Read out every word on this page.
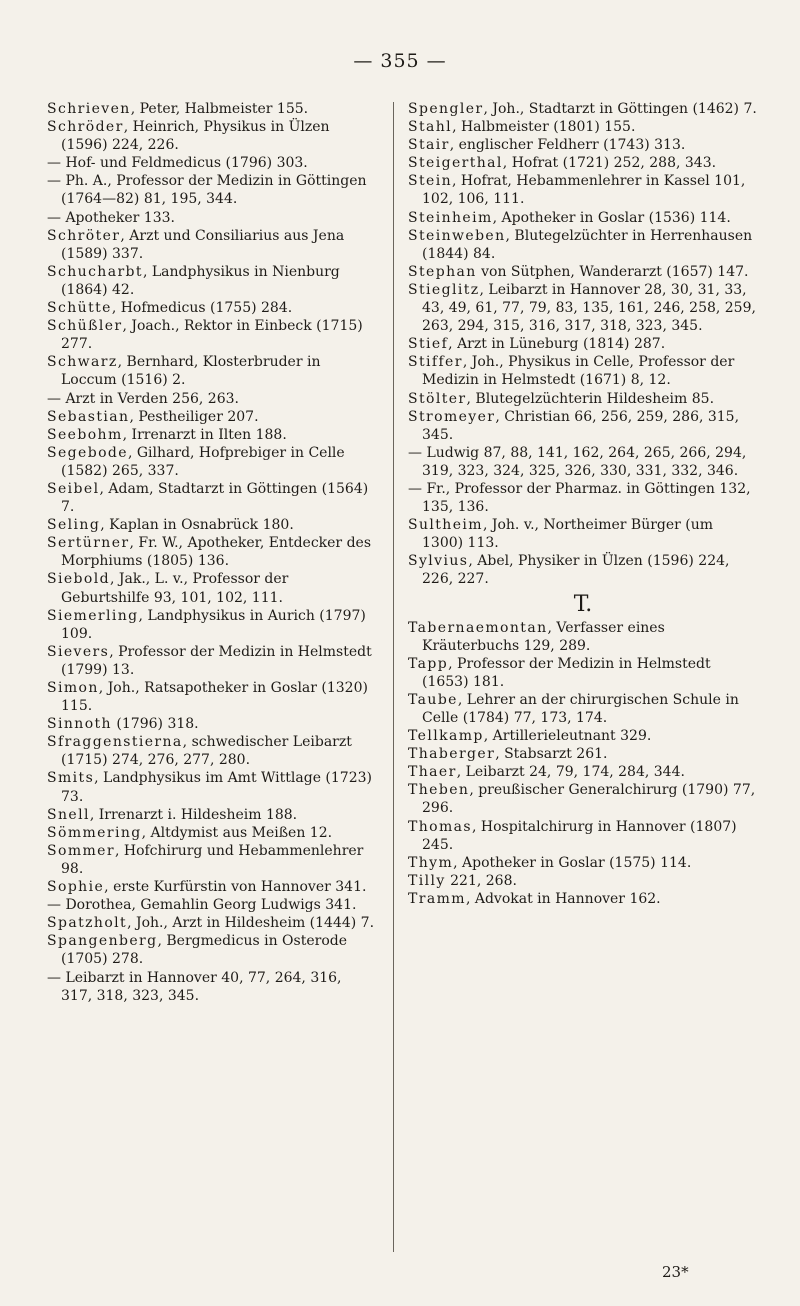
— 355 —

Schrieven, Peter, Halbmeister 155.

Schröder, Heinrich, Physikus in Ülzen (1596) 224, 226.

— Hof- und Feldmedicus (1796) 303.

— Ph. A., Professor der Medizin in Göttingen (1764—82) 81, 195, 344.

— Apotheker 133.

Schröter, Arzt und Consiliarius aus Jena (1589) 337.

Schucharbt, Landphysikus in Nienburg (1864) 42.

Schütte, Hofmedicus (1755) 284.

Schüßler, Joach., Rektor in Einbeck (1715) 277.

Schwarz, Bernhard, Klosterbruder in Loccum (1516) 2.

— Arzt in Verden 256, 263.

Sebastian, Pestheiliger 207.

Seebohm, Irrenarzt in Ilten 188.

Segebode, Gilhard, Hofprebiger in Celle (1582) 265, 337.

Seibel, Adam, Stadtarzt in Göttingen (1564) 7.

Seling, Kaplan in Osnabrück 180.

Sertürner, Fr. W., Apotheker, Entdecker des Morphiums (1805) 136.

Siebold, Jak., L. v., Professor der Geburtshilfe 93, 101, 102, 111.

Siemerling, Landphysikus in Aurich (1797) 109.

Sievers, Professor der Medizin in Helmstedt (1799) 13.

Simon, Joh., Ratsapotheker in Goslar (1320) 115.

Sinnoth (1796) 318.

Sfraggenstierna, schwedischer Leibarzt (1715) 274, 276, 277, 280.

Smits, Landphysikus im Amt Wittlage (1723) 73.

Snell, Irrenarzt i. Hildesheim 188.

Sömmering, Altdymist aus Meißen 12.

Sommer, Hofchirurg und Hebammenlehrer 98.

Sophie, erste Kurfürstin von Hannover 341.

— Dorothea, Gemahlin Georg Ludwigs 341.

Spatzholt, Joh., Arzt in Hildesheim (1444) 7.

Spangenberg, Bergmedicus in Osterode (1705) 278.

— Leibarzt in Hannover 40, 77, 264, 316, 317, 318, 323, 345.

Spengler, Joh., Stadtarzt in Göttingen (1462) 7.

Stahl, Halbmeister (1801) 155.

Stair, englischer Feldherr (1743) 313.

Steigerthal, Hofrat (1721) 252, 288, 343.

Stein, Hofrat, Hebammenlehrer in Kassel 101, 102, 106, 111.

Steinheim, Apotheker in Goslar (1536) 114.

Steinweben, Blutegelzüchter in Herrenhausen (1844) 84.

Stephan von Sütphen, Wanderarzt (1657) 147.

Stieglitz, Leibarzt in Hannover 28, 30, 31, 33, 43, 49, 61, 77, 79, 83, 135, 161, 246, 258, 259, 263, 294, 315, 316, 317, 318, 323, 345.

Stief, Arzt in Lüneburg (1814) 287.

Stiffer, Joh., Physikus in Celle, Professor der Medizin in Helmstedt (1671) 8, 12.

Stölter, Blutegelzüchterin Hildesheim 85.

Stromeyer, Christian 66, 256, 259, 286, 315, 345.

— Ludwig 87, 88, 141, 162, 264, 265, 266, 294, 319, 323, 324, 325, 326, 330, 331, 332, 346.

— Fr., Professor der Pharmaz. in Göttingen 132, 135, 136.

Sultheim, Joh. v., Northeimer Bürger (um 1300) 113.

Sylvius, Abel, Physiker in Ülzen (1596) 224, 226, 227.

T.

Tabernaemontan, Verfasser eines Kräuterbuchs 129, 289.

Tapp, Professor der Medizin in Helmstedt (1653) 181.

Taube, Lehrer an der chirurgischen Schule in Celle (1784) 77, 173, 174.

Tellkamp, Artillerieleutnant 329.

Thaberger, Stabsarzt 261.

Thaer, Leibarzt 24, 79, 174, 284, 344.

Theben, preußischer Generalchirurg (1790) 77, 296.

Thomas, Hospitalchirurg in Hannover (1807) 245.

Thym, Apotheker in Goslar (1575) 114.

Tilly 221, 268.

Tramm, Advokat in Hannover 162.

23*
